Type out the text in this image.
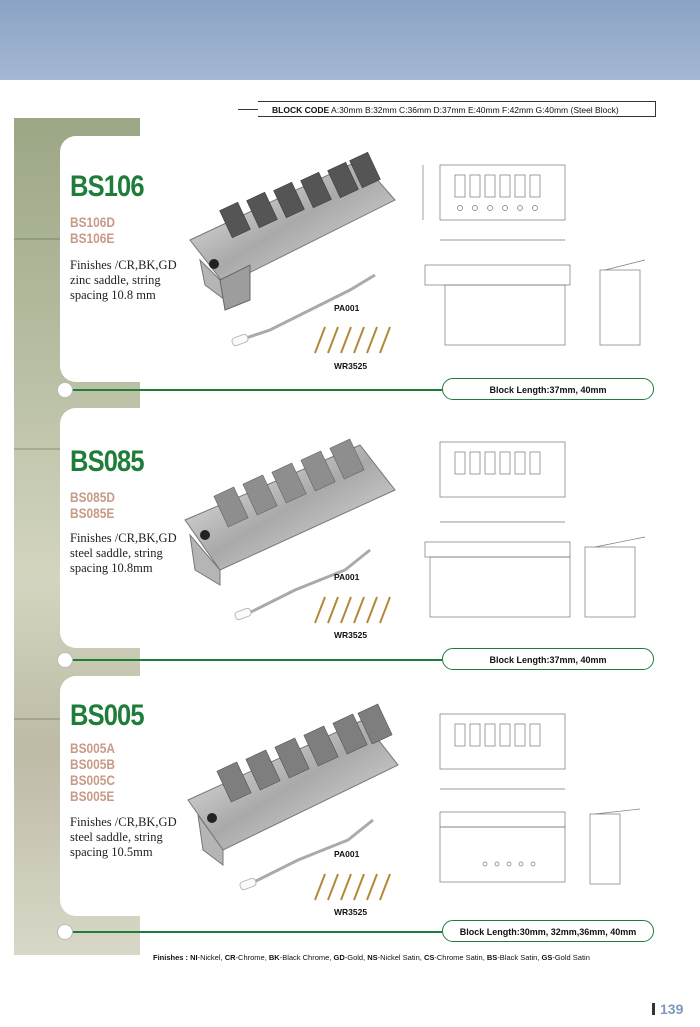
BLOCK CODE A:30mm B:32mm C:36mm D:37mm E:40mm F:42mm G:40mm (Steel Block)
BS106
BS106D
BS106E
Finishes /CR,BK,GD zinc saddle, string spacing 10.8 mm
BS085
BS085D
BS085E
Finishes /CR,BK,GD steel saddle, string spacing 10.8mm
BS005
BS005A
BS005B
BS005C
BS005E
Finishes /CR,BK,GD steel saddle, string spacing 10.5mm
Block Length:37mm, 40mm
Block Length:37mm, 40mm
Block Length:30mm, 32mm,36mm, 40mm
PA001
WR3525
PA001
WR3525
PA001
WR3525
Finishes : NI-Nickel, CR-Chrome, BK-Black Chrome, GD-Gold, NS-Nickel Satin, CS-Chrome Satin, BS-Black Satin, GS-Gold Satin
139
